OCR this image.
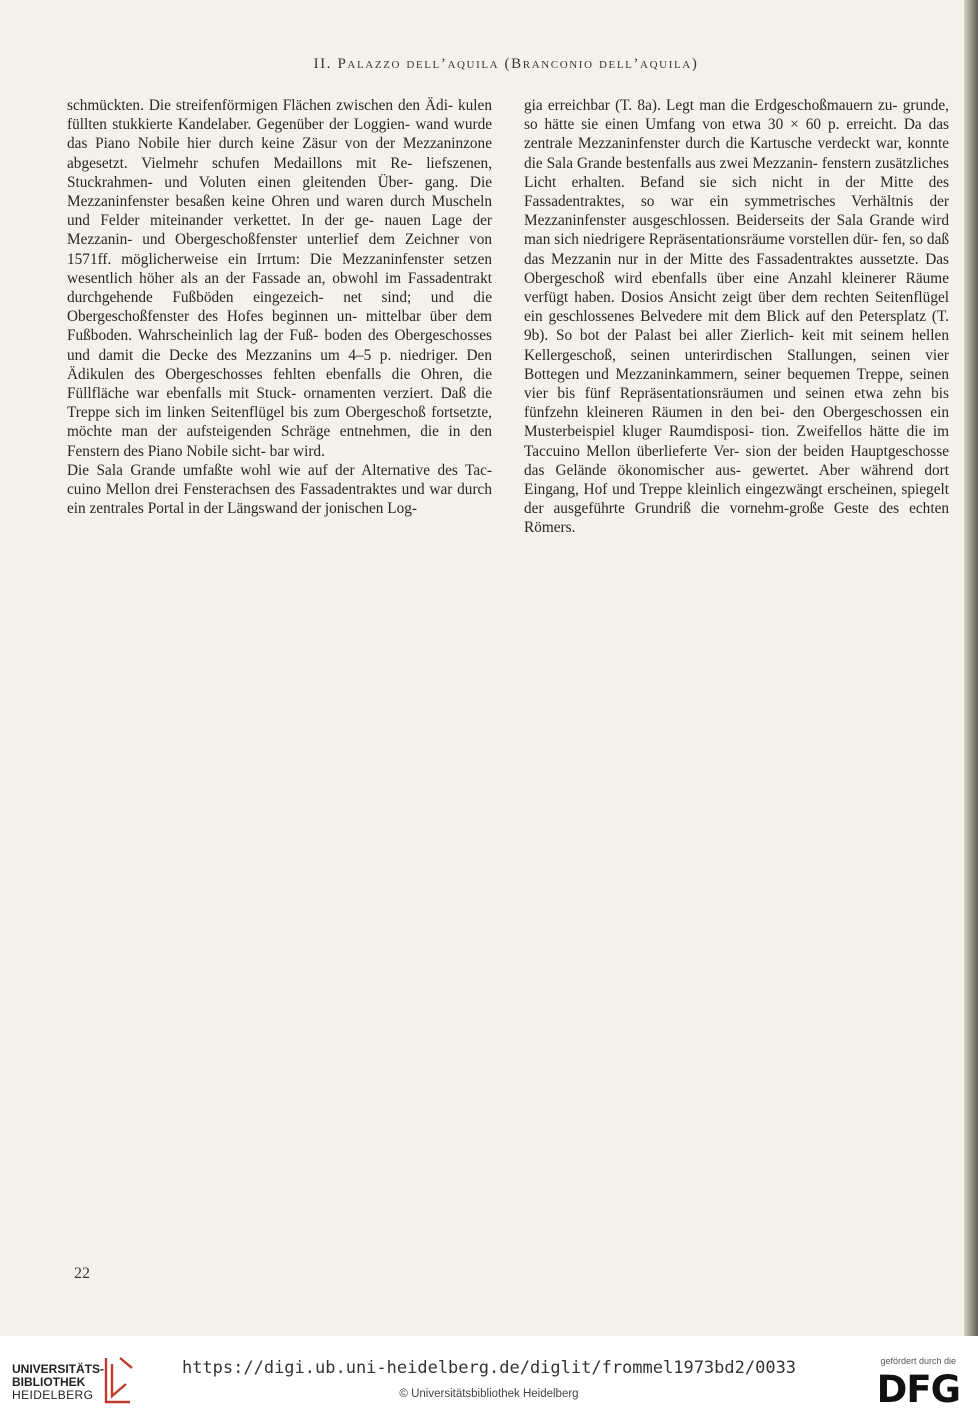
II. Palazzo dell’aquila (Branconio dell’aquila)

schmückten. Die streifenförmigen Flächen zwischen den Ädi- kulen füllten stukkierte Kandelaber. Gegenüber der Loggien- wand wurde das Piano Nobile hier durch keine Zäsur von der Mezzaninzone abgesetzt. Vielmehr schufen Medaillons mit Re- liefszenen, Stuckrahmen- und Voluten einen gleitenden Über- gang. Die Mezzaninfenster besaßen keine Ohren und waren durch Muscheln und Felder miteinander verkettet. In der ge- nauen Lage der Mezzanin- und Obergeschoßfenster unterlief dem Zeichner von 1571ff. möglicherweise ein Irrtum: Die Mezzaninfenster setzen wesentlich höher als an der Fassade an, obwohl im Fassadentrakt durchgehende Fußböden eingezeich- net sind; und die Obergeschoßfenster des Hofes beginnen un- mittelbar über dem Fußboden. Wahrscheinlich lag der Fuß- boden des Obergeschosses und damit die Decke des Mezzanins um 4–5 p. niedriger. Den Ädikulen des Obergeschosses fehlten ebenfalls die Ohren, die Füllfläche war ebenfalls mit Stuck- ornamenten verziert. Daß die Treppe sich im linken Seitenflügel bis zum Obergeschoß fortsetzte, möchte man der aufsteigenden Schräge entnehmen, die in den Fenstern des Piano Nobile sicht- bar wird.

Die Sala Grande umfaßte wohl wie auf der Alternative des Tac- cuino Mellon drei Fensterachsen des Fassadentraktes und war durch ein zentrales Portal in der Längswand der jonischen Log-

gia erreichbar (T. 8a). Legt man die Erdgeschoßmauern zu- grunde, so hätte sie einen Umfang von etwa 30 × 60 p. erreicht. Da das zentrale Mezzaninfenster durch die Kartusche verdeckt war, konnte die Sala Grande bestenfalls aus zwei Mezzanin- fenstern zusätzliches Licht erhalten. Befand sie sich nicht in der Mitte des Fassadentraktes, so war ein symmetrisches Verhältnis der Mezzaninfenster ausgeschlossen. Beiderseits der Sala Grande wird man sich niedrigere Repräsentationsräume vorstellen dür- fen, so daß das Mezzanin nur in der Mitte des Fassadentraktes aussetzte. Das Obergeschoß wird ebenfalls über eine Anzahl kleinerer Räume verfügt haben. Dosios Ansicht zeigt über dem rechten Seitenflügel ein geschlossenes Belvedere mit dem Blick auf den Petersplatz (T. 9b). So bot der Palast bei aller Zierlich- keit mit seinem hellen Kellergeschoß, seinen unterirdischen Stallungen, seinen vier Bottegen und Mezzaninkammern, seiner bequemen Treppe, seinen vier bis fünf Repräsentationsräumen und seinen etwa zehn bis fünfzehn kleineren Räumen in den bei- den Obergeschossen ein Musterbeispiel kluger Raumdisposi- tion. Zweifellos hätte die im Taccuino Mellon überlieferte Ver- sion der beiden Hauptgeschosse das Gelände ökonomischer aus- gewertet. Aber während dort Eingang, Hof und Treppe kleinlich eingezwängt erscheinen, spiegelt der ausgeführte Grundriß die vornehm-große Geste des echten Römers.

22
UNIVERSITÄTS-
BIBLIOTHEK
HEIDELBERG
https://digi.ub.uni-heidelberg.de/diglit/frommel1973bd2/0033
© Universitätsbibliothek Heidelberg
gefördert durch die
DFG
